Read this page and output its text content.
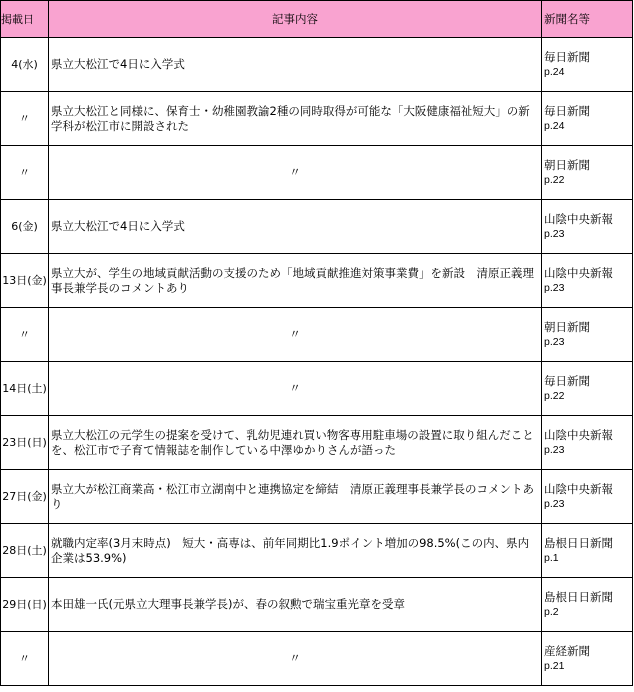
掲載日	記事内容	新聞名等
4(水)	県立大松江で4日に入学式	毎日新聞
p.24

〃	県立大松江と同様に、保育士・幼稚園教諭2種の同時取得が可能な「大阪健康福祉短大」の新学科が松江市に開設された	毎日新聞
p.24

〃	〃	朝日新聞
p.22

6(金)	県立大松江で4日に入学式	山陰中央新報
p.23

13日(金)	県立大が、学生の地域貢献活動の支援のため「地域貢献推進対策事業費」を新設　清原正義理事長兼学長のコメントあり	山陰中央新報
p.23

〃	〃	朝日新聞
p.23

14日(土)	〃	毎日新聞
p.22

23日(日)	県立大松江の元学生の提案を受けて、乳幼児連れ買い物客専用駐車場の設置に取り組んだことを、松江市で子育て情報誌を制作している中澤ゆかりさんが語った	山陰中央新報
p.23

27日(金)	県立大が松江商業高・松江市立湖南中と連携協定を締結　清原正義理事長兼学長のコメントあり	山陰中央新報
p.23

28日(土)	就職内定率(3月末時点)　短大・高専は、前年同期比1.9ポイント増加の98.5%(この内、県内企業は53.9%)	島根日日新聞
p.1

29日(日)	本田雄一氏(元県立大理事長兼学長)が、春の叙勲で瑞宝重光章を受章	島根日日新聞
p.2

〃	〃	産経新聞
p.21
